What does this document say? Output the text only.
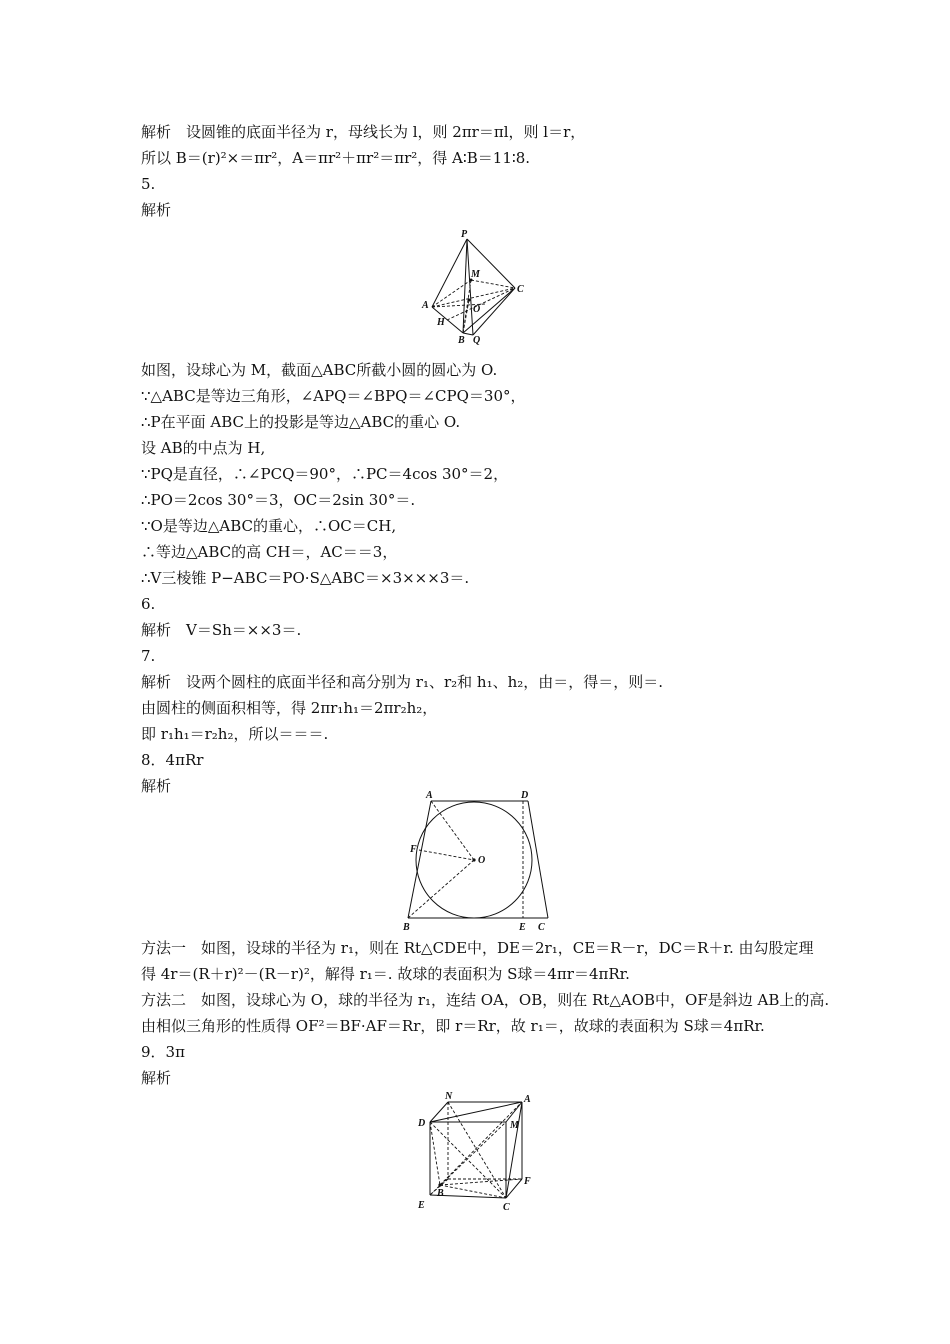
解析　设圆锥的底面半径为 r，母线长为 l，则 2πr＝πl，则 l＝r，
所以 B＝(r)²×＝πr²，A＝πr²＋πr²＝πr²，得 A∶B＝11∶8.
5.
解析
P
M
A
C
H
O
B Q
如图，设球心为 M，截面△ABC所截小圆的圆心为 O.
∵△ABC是等边三角形，∠APQ＝∠BPQ＝∠CPQ＝30°，
∴P在平面 ABC上的投影是等边△ABC的重心 O.
设 AB的中点为 H,
∵PQ是直径，∴∠PCQ＝90°，∴PC＝4cos 30°＝2，
∴PO＝2cos 30°＝3，OC＝2sin 30°＝.
∵O是等边△ABC的重心，∴OC＝CH,
∴等边△ABC的高 CH＝，AC＝＝3，
∴V三棱锥 P−ABC＝PO·S△ABC＝×3×××3＝.
6.
解析　V＝Sh＝××3＝.
7.
解析　设两个圆柱的底面半径和高分别为 r₁、r₂和 h₁、h₂，由＝，得＝，则＝.
由圆柱的侧面积相等，得 2πr₁h₁＝2πr₂h₂，
即 r₁h₁＝r₂h₂，所以＝＝＝.
8．4πRr
解析
A	D
F
O
B	E C
方法一　如图，设球的半径为 r₁，则在 Rt△CDE中，DE＝2r₁，CE＝R－r，DC＝R＋r. 由勾股定理
得 4r＝(R＋r)²－(R－r)²，解得 r₁＝. 故球的表面积为 S球＝4πr＝4πRr.
方法二　如图，设球心为 O，球的半径为 r₁，连结 OA，OB，则在 Rt△AOB中，OF是斜边 AB上的高.
由相似三角形的性质得 OF²＝BF·AF＝Rr，即 r＝Rr，故 r₁＝，故球的表面积为 S球＝4πRr.
9．3π
解析
N	A
D	M
F
B
E	C
